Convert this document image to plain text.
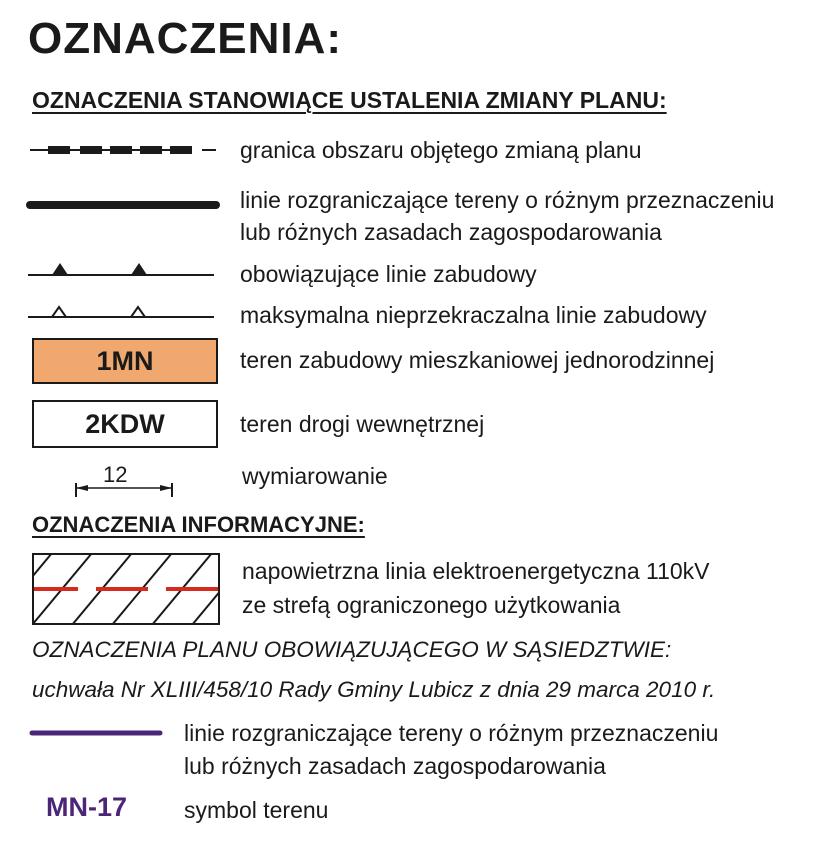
OZNACZENIA:
OZNACZENIA STANOWIĄCE USTALENIA ZMIANY PLANU:
granica obszaru objętego zmianą planu
linie rozgraniczające tereny o różnym przeznaczeniu
lub różnych zasadach zagospodarowania
obowiązujące linie zabudowy
maksymalna nieprzekraczalna linie zabudowy
1MN	teren zabudowy mieszkaniowej jednorodzinnej
2KDW	teren drogi wewnętrznej
12	wymiarowanie
OZNACZENIA INFORMACYJNE:
napowietrzna linia elektroenergetyczna 110kV
ze strefą ograniczonego użytkowania
OZNACZENIA PLANU OBOWIĄZUJĄCEGO W SĄSIEDZTWIE:
uchwała Nr XLIII/458/10 Rady Gminy Lubicz z dnia 29 marca 2010 r.
linie rozgraniczające tereny o różnym przeznaczeniu
lub różnych zasadach zagospodarowania
MN-17 symbol terenu
